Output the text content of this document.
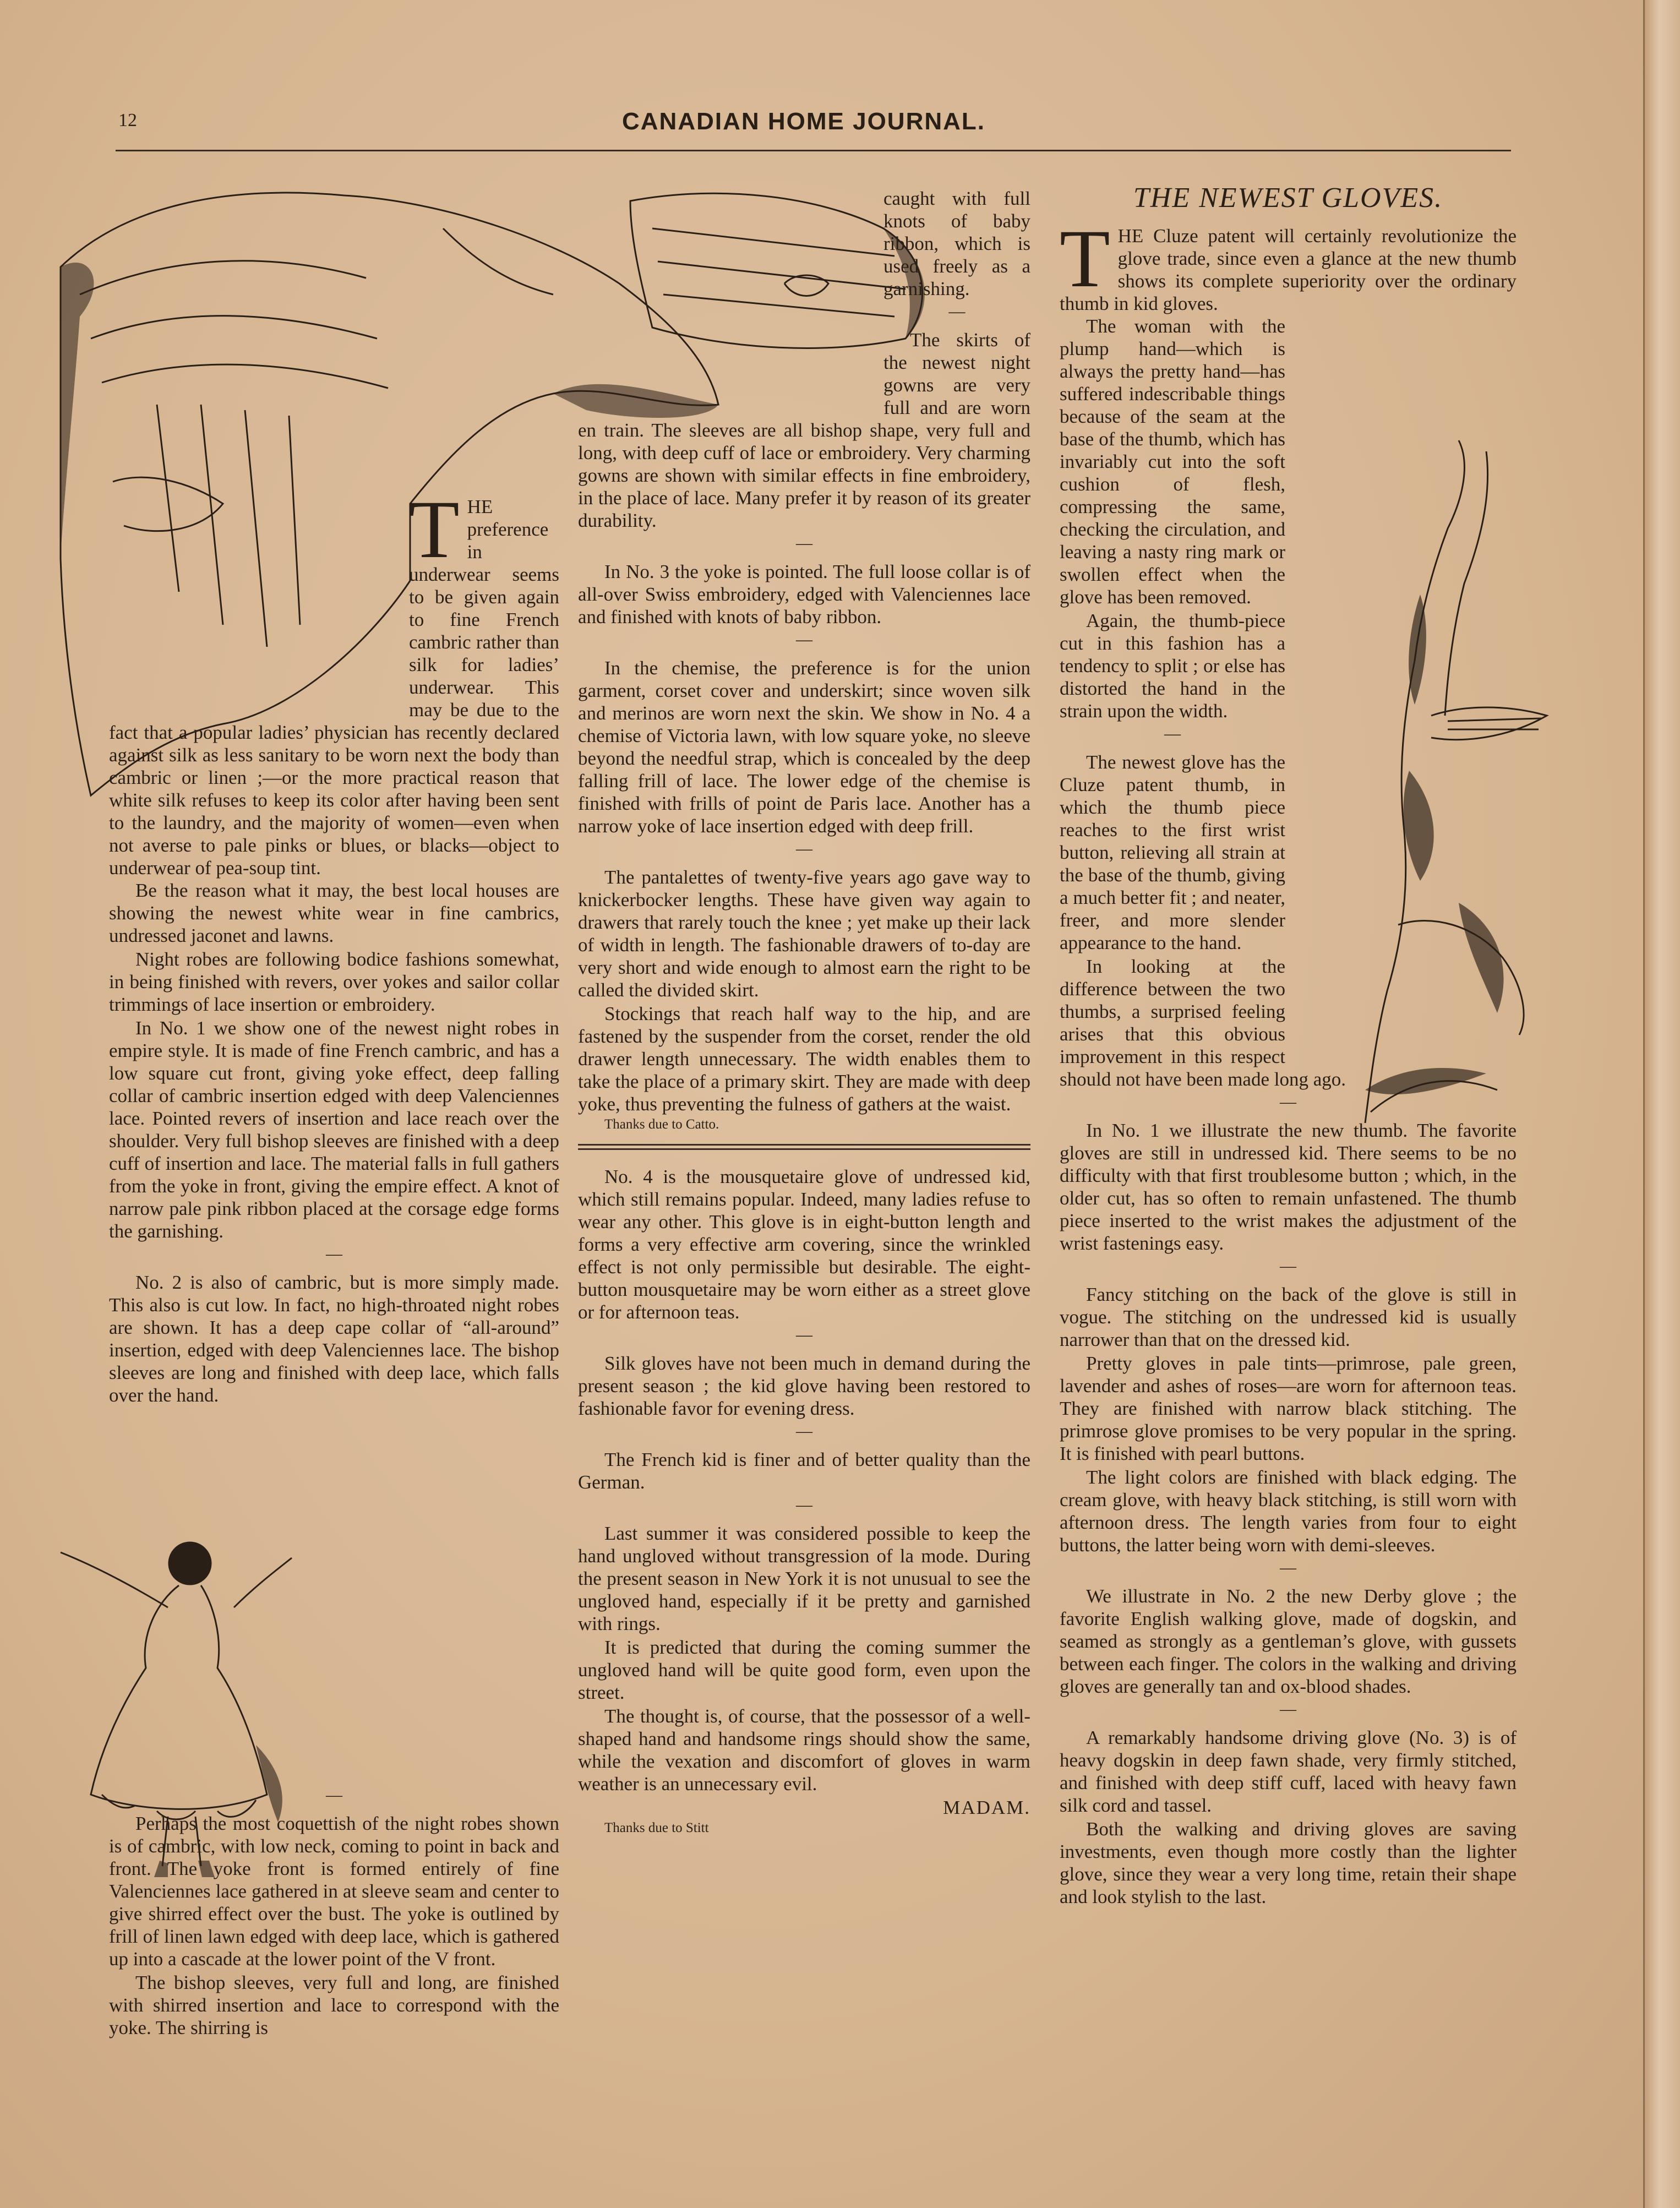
12	CANADIAN HOME JOURNAL.
T HE preference in underwear seems to be given again to fine French cambric rather than silk for ladies’ underwear. This may be due to the fact that a popular ladies’ physician has recently declared against silk as less sanitary to be worn next the body than cambric or linen ;—or the more practical reason that white silk refuses to keep its color after having been sent to the laundry, and the majority of women—even when not averse to pale pinks or blues, or blacks—object to underwear of pea-soup tint.

Be the reason what it may, the best local houses are showing the newest white wear in fine cambrics, undressed jaconet and lawns.

Night robes are following bodice fashions somewhat, in being finished with revers, over yokes and sailor collar trimmings of lace insertion or embroidery.

In No. 1 we show one of the newest night robes in empire style. It is made of fine French cambric, and has a low square cut front, giving yoke effect, deep falling collar of cambric insertion edged with deep Valenciennes lace. Pointed revers of insertion and lace reach over the shoulder. Very full bishop sleeves are finished with a deep cuff of insertion and lace. The material falls in full gathers from the yoke in front, giving the empire effect. A knot of narrow pale pink ribbon placed at the corsage edge forms the garnishing.

—

No. 2 is also of cambric, but is more simply made. This also is cut low. In fact, no high-throated night robes are shown. It has a deep cape collar of “all-around” insertion, edged with deep Valenciennes lace. The bishop sleeves are long and finished with deep lace, which falls over the hand.

—

Perhaps the most coquettish of the night robes shown is of cambric, with low neck, coming to point in back and front. The yoke front is formed entirely of fine Valenciennes lace gathered in at sleeve seam and center to give shirred effect over the bust. The yoke is outlined by frill of linen lawn edged with deep lace, which is gathered up into a cascade at the lower point of the V front.

The bishop sleeves, very full and long, are finished with shirred insertion and lace to correspond with the yoke. The shirring is

caught with full knots of baby ribbon, which is used freely as a garnishing.

—

The skirts of the newest night gowns are very full and are worn en train. The sleeves are all bishop shape, very full and long, with deep cuff of lace or embroidery. Very charming gowns are shown with similar effects in fine embroidery, in the place of lace. Many prefer it by reason of its greater durability.

—

In No. 3 the yoke is pointed. The full loose collar is of all-over Swiss embroidery, edged with Valenciennes lace and finished with knots of baby ribbon.

—

In the chemise, the preference is for the union garment, corset cover and underskirt; since woven silk and merinos are worn next the skin. We show in No. 4 a chemise of Victoria lawn, with low square yoke, no sleeve beyond the needful strap, which is concealed by the deep falling frill of lace. The lower edge of the chemise is finished with frills of point de Paris lace. Another has a narrow yoke of lace insertion edged with deep frill.

—

The pantalettes of twenty-five years ago gave way to knickerbocker lengths. These have given way again to drawers that rarely touch the knee ; yet make up their lack of width in length. The fashionable drawers of to-day are very short and wide enough to almost earn the right to be called the divided skirt.

Stockings that reach half way to the hip, and are fastened by the suspender from the corset, render the old drawer length unnecessary. The width enables them to take the place of a primary skirt. They are made with deep yoke, thus preventing the fulness of gathers at the waist.

Thanks due to Catto.

No. 4 is the mousquetaire glove of undressed kid, which still remains popular. Indeed, many ladies refuse to wear any other. This glove is in eight-button length and forms a very effective arm covering, since the wrinkled effect is not only permissible but desirable. The eight-button mousquetaire may be worn either as a street glove or for afternoon teas.

—

Silk gloves have not been much in demand during the present season ; the kid glove having been restored to fashionable favor for evening dress.

—

The French kid is finer and of better quality than the German.

—

Last summer it was considered possible to keep the hand ungloved without transgression of la mode. During the present season in New York it is not unusual to see the ungloved hand, especially if it be pretty and garnished with rings.

It is predicted that during the coming summer the ungloved hand will be quite good form, even upon the street.

The thought is, of course, that the possessor of a well-shaped hand and handsome rings should show the same, while the vexation and discomfort of gloves in warm weather is an unnecessary evil.

MADAM.

Thanks due to Stitt

THE NEWEST GLOVES.
T HE Cluze patent will certainly revolutionize the glove trade, since even a glance at the new thumb shows its complete superiority over the ordinary thumb in kid gloves.

The woman with the plump hand—which is always the pretty hand—has suffered indescribable things because of the seam at the base of the thumb, which has invariably cut into the soft cushion of flesh, compressing the same, checking the circulation, and leaving a nasty ring mark or swollen effect when the glove has been removed.

Again, the thumb-piece cut in this fashion has a tendency to split ; or else has distorted the hand in the strain upon the width.

—

The newest glove has the Cluze patent thumb, in which the thumb piece reaches to the first wrist button, relieving all strain at the base of the thumb, giving a much better fit ; and neater, freer, and more slender appearance to the hand.

In looking at the difference between the two thumbs, a surprised feeling arises that this obvious improvement in this respect should not have been made long ago.

—

In No. 1 we illustrate the new thumb. The favorite gloves are still in undressed kid. There seems to be no difficulty with that first troublesome button ; which, in the older cut, has so often to remain unfastened. The thumb piece inserted to the wrist makes the adjustment of the wrist fastenings easy.

—

Fancy stitching on the back of the glove is still in vogue. The stitching on the undressed kid is usually narrower than that on the dressed kid.

Pretty gloves in pale tints—primrose, pale green, lavender and ashes of roses—are worn for afternoon teas. They are finished with narrow black stitching. The primrose glove promises to be very popular in the spring. It is finished with pearl buttons.

The light colors are finished with black edging. The cream glove, with heavy black stitching, is still worn with afternoon dress. The length varies from four to eight buttons, the latter being worn with demi-sleeves.

—

We illustrate in No. 2 the new Derby glove ; the favorite English walking glove, made of dogskin, and seamed as strongly as a gentleman’s glove, with gussets between each finger. The colors in the walking and driving gloves are generally tan and ox-blood shades.

—

A remarkably handsome driving glove (No. 3) is of heavy dogskin in deep fawn shade, very firmly stitched, and finished with deep stiff cuff, laced with heavy fawn silk cord and tassel.

Both the walking and driving gloves are saving investments, even though more costly than the lighter glove, since they wear a very long time, retain their shape and look stylish to the last.
